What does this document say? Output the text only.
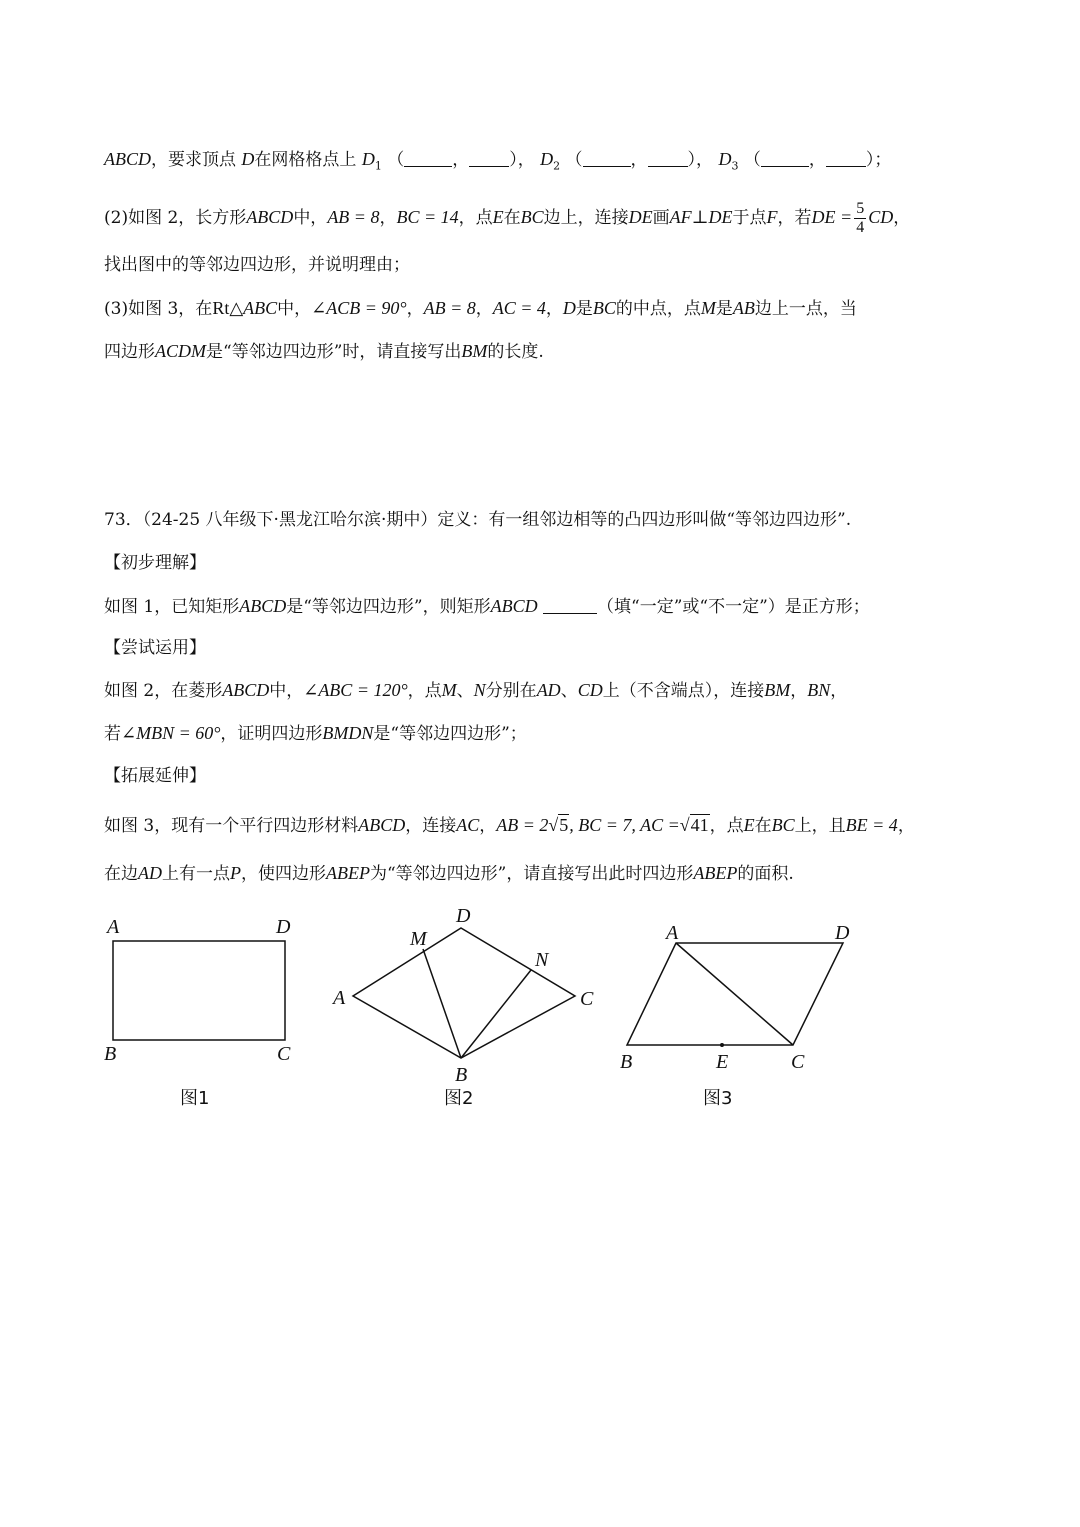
ABCD，要求顶点 D在网格格点上 $D_1$ （	， ）， $D_2$ （	， ）， $D_3$ （	， ）；
(2)如图 2，长方形ABCD中，AB = 8，BC = 14，点E在BC边上，连接DE画AF⊥DE于点F，若DE = $\frac{5}{4}$ CD，
找出图中的等邻边四边形，并说明理由；
(3)如图 3，在Rt△ABC中，∠ACB = 90°，AB = 8，AC = 4，D是BC的中点，点M是AB边上一点，当
四边形ACDM是“等邻边四边形”时，请直接写出BM的长度.
73．（24-25 八年级下·黑龙江哈尔滨·期中）定义：有一组邻边相等的凸四边形叫做“等邻边四边形”.
【初步理解】
如图 1，已知矩形ABCD是“等邻边四边形”，则矩形ABCD	（填“一定”或“不一定”）是正方形；
【尝试运用】
如图 2，在菱形ABCD中，∠ABC = 120°，点M、N分别在AD、CD上（不含端点），连接BM，BN，
若∠MBN = 60°，证明四边形BMDN是“等邻边四边形”；
【拓展延伸】
如图 3，现有一个平行四边形材料ABCD，连接AC，AB = 2√5, BC = 7, AC =√41，点E在BC上，且BE = 4，
在边AD上有一点P，使四边形ABEP为“等邻边四边形”，请直接写出此时四边形ABEP的面积.
A	D
B	C
D
M
N
A	C
B
A	D
B	E	C
图1	图2	图3
